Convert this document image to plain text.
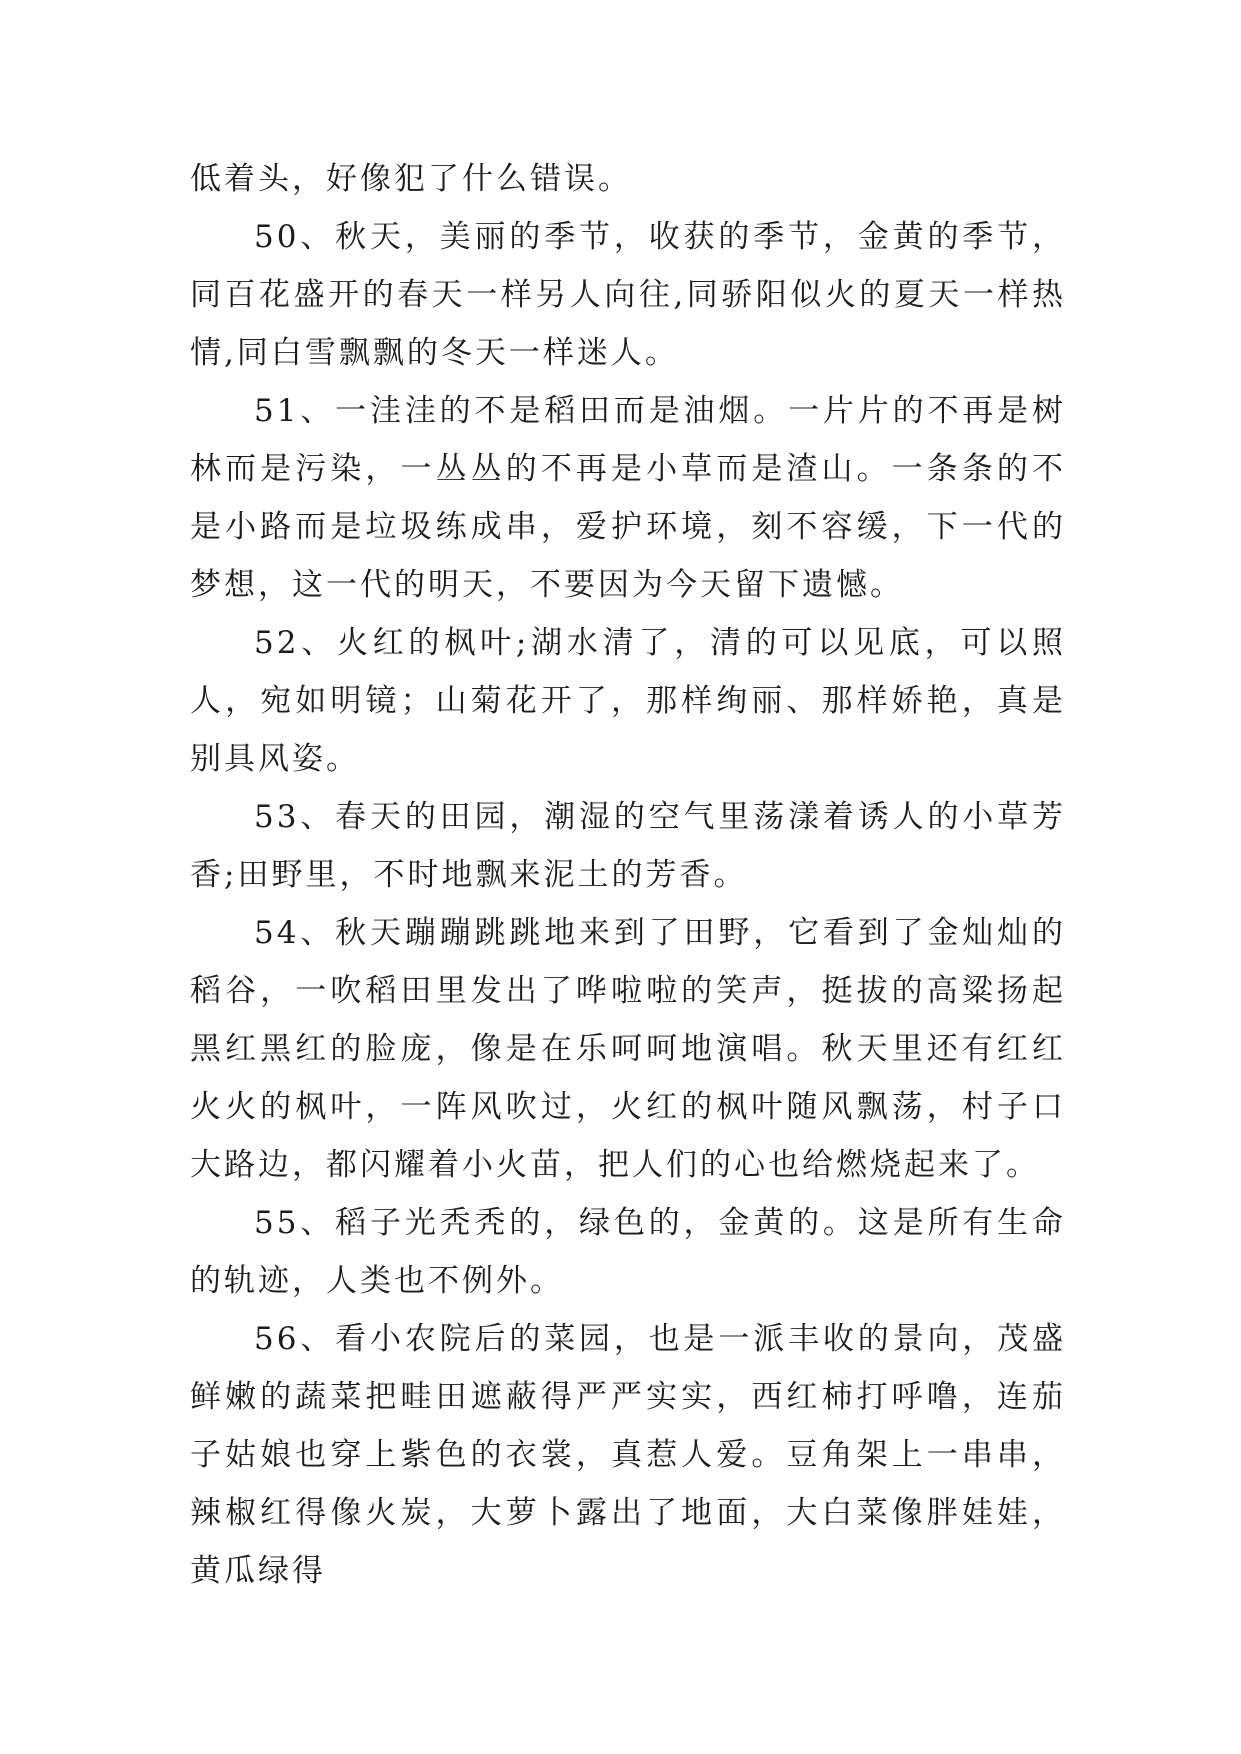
低着头，好像犯了什么错误。

50、秋天，美丽的季节，收获的季节，金黄的季节，同百花盛开的春天一样另人向往,同骄阳似火的夏天一样热情,同白雪飘飘的冬天一样迷人。

51、一洼洼的不是稻田而是油烟。一片片的不再是树林而是污染，一丛丛的不再是小草而是渣山。一条条的不是小路而是垃圾练成串，爱护环境，刻不容缓，下一代的梦想，这一代的明天，不要因为今天留下遗憾。

52、火红的枫叶;湖水清了，清的可以见底，可以照人，宛如明镜；山菊花开了，那样绚丽、那样娇艳，真是别具风姿。

53、春天的田园，潮湿的空气里荡漾着诱人的小草芳香;田野里，不时地飘来泥土的芳香。

54、秋天蹦蹦跳跳地来到了田野，它看到了金灿灿的稻谷，一吹稻田里发出了哗啦啦的笑声，挺拔的高粱扬起黑红黑红的脸庞，像是在乐呵呵地演唱。秋天里还有红红火火的枫叶，一阵风吹过，火红的枫叶随风飘荡，村子口大路边，都闪耀着小火苗，把人们的心也给燃烧起来了。

55、稻子光秃秃的，绿色的，金黄的。这是所有生命的轨迹，人类也不例外。

56、看小农院后的菜园，也是一派丰收的景向，茂盛鲜嫩的蔬菜把畦田遮蔽得严严实实，西红柿打呼噜，连茄子姑娘也穿上紫色的衣裳，真惹人爱。豆角架上一串串，辣椒红得像火炭，大萝卜露出了地面，大白菜像胖娃娃，黄瓜绿得
